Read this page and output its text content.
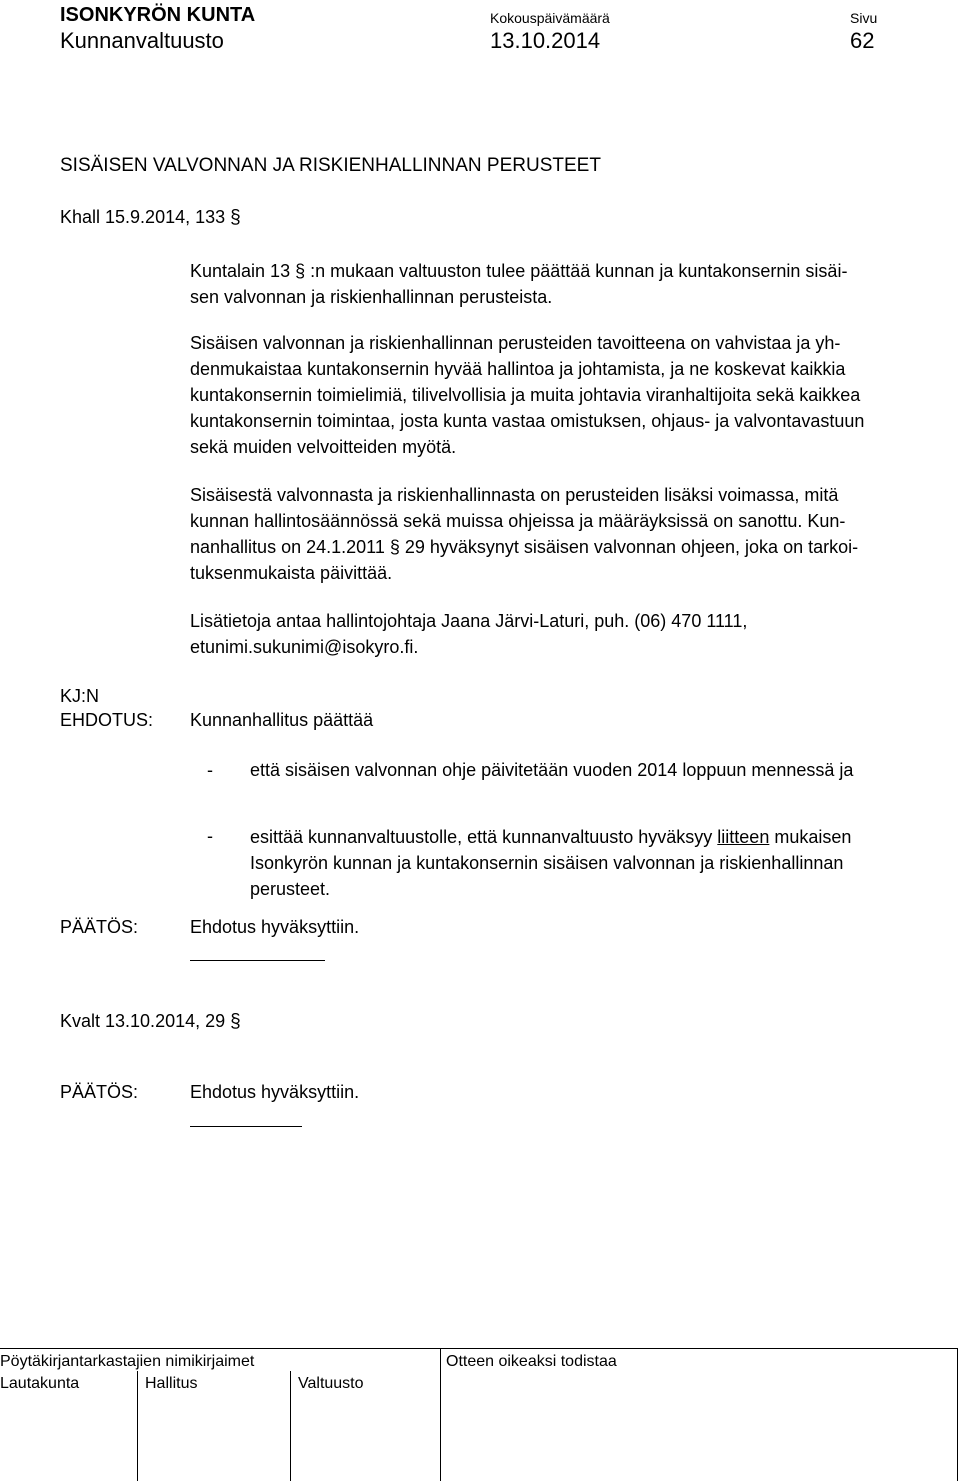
ISONKYRÖN KUNTA
Kunnanvaltuusto
Kokouspäivämäärä
13.10.2014
Sivu
62
SISÄISEN VALVONNAN JA RISKIENHALLINNAN PERUSTEET
Khall 15.9.2014, 133 §
Kuntalain 13 § :n mukaan valtuuston tulee päättää kunnan ja kuntakonsernin sisäi-
sen valvonnan ja riskienhallinnan perusteista.
Sisäisen valvonnan ja riskienhallinnan perusteiden tavoitteena on vahvistaa ja yh-
denmukaistaa kuntakonsernin hyvää hallintoa ja johtamista, ja ne koskevat kaikkia
kuntakonsernin toimielimiä, tilivelvollisia ja muita johtavia viranhaltijoita sekä kaikkea
kuntakonsernin toimintaa, josta kunta vastaa omistuksen, ohjaus- ja valvontavastuun
sekä muiden velvoitteiden myötä.
Sisäisestä valvonnasta ja riskienhallinnasta on perusteiden lisäksi voimassa, mitä
kunnan hallintosäännössä sekä muissa ohjeissa ja määräyksissä on sanottu. Kun-
nanhallitus on 24.1.2011 § 29 hyväksynyt sisäisen valvonnan ohjeen, joka on tarkoi-
tuksenmukaista päivittää.
Lisätietoja antaa hallintojohtaja Jaana Järvi-Laturi, puh. (06) 470 1111,
etunimi.sukunimi@isokyro.fi.
KJ:N
EHDOTUS: Kunnanhallitus päättää
- että sisäisen valvonnan ohje päivitetään vuoden 2014 loppuun mennessä ja
- esittää kunnanvaltuustolle, että kunnanvaltuusto hyväksyy liitteen mukaisen
Isonkyrön kunnan ja kuntakonsernin sisäisen valvonnan ja riskienhallinnan
perusteet.
PÄÄTÖS:	Ehdotus hyväksyttiin.
Kvalt 13.10.2014, 29 §
PÄÄTÖS:	Ehdotus hyväksyttiin.
Pöytäkirjantarkastajien nimikirjaimet	Otteen oikeaksi todistaa
Lautakunta	Hallitus	Valtuusto
